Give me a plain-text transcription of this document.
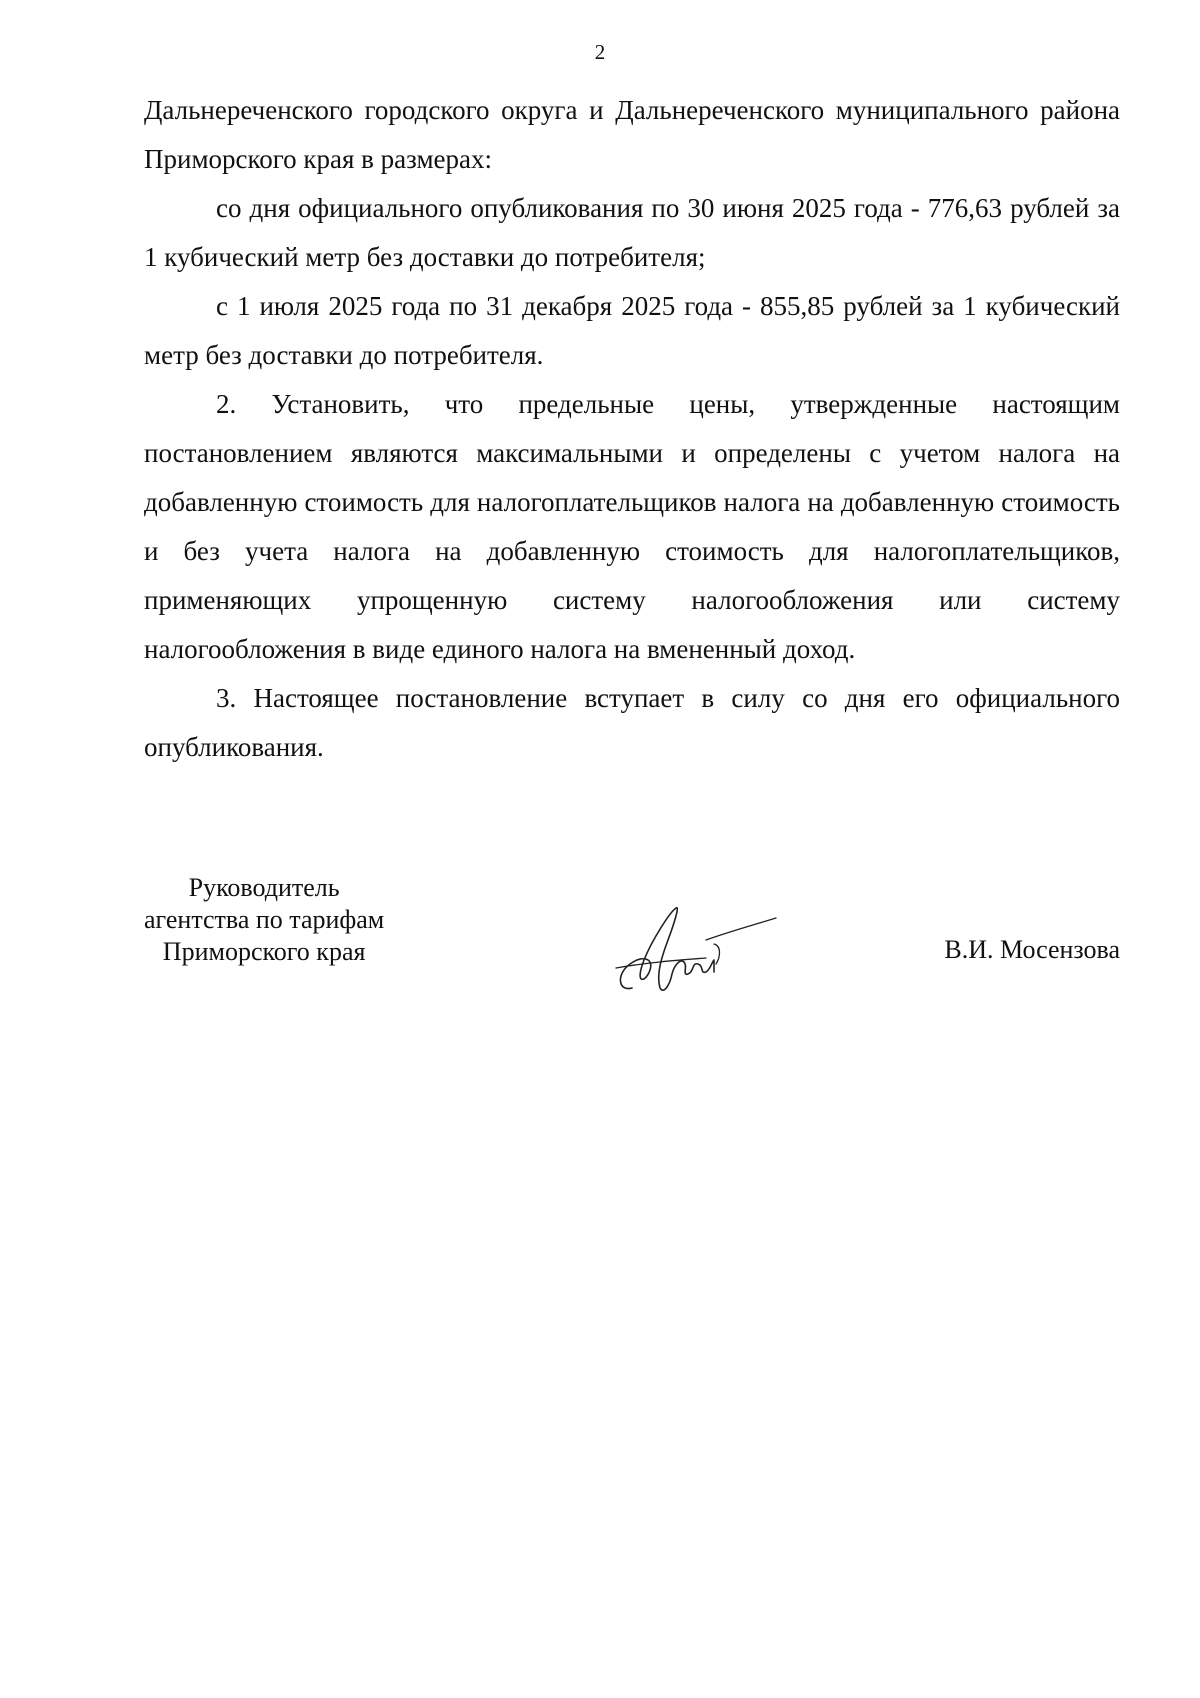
2

Дальнереченского городского округа и Дальнереченского муниципального района Приморского края в размерах:

со дня официального опубликования по 30 июня 2025 года - 776,63 рублей за 1 кубический метр без доставки до потребителя;

с 1 июля 2025 года по 31 декабря 2025 года - 855,85 рублей за 1 кубический метр без доставки до потребителя.

2. Установить, что предельные цены, утвержденные настоящим постановлением являются максимальными и определены с учетом налога на добавленную стоимость для налогоплательщиков налога на добавленную стоимость и без учета налога на добавленную стоимость для налогоплательщиков, применяющих упрощенную систему налогообложения или систему налогообложения в виде единого налога на вмененный доход.

3. Настоящее постановление вступает в силу со дня его официального опубликования.

Руководитель
агентства по тарифам
Приморского края	В.И. Мосензова
